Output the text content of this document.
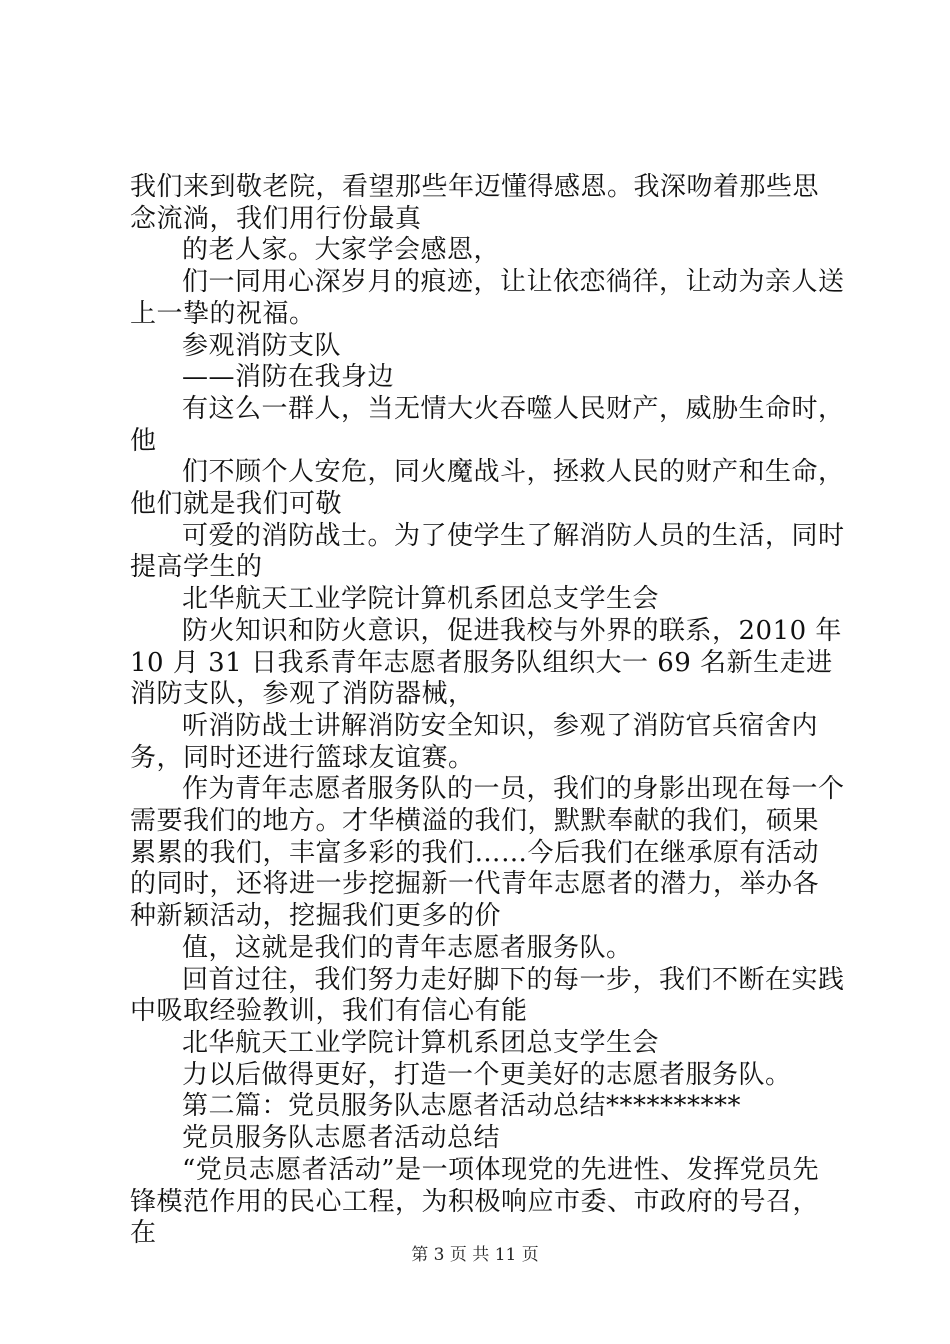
我们来到敬老院，看望那些年迈懂得感恩。我深吻着那些思念流淌，我们用行份最真

的老人家。大家学会感恩，

们一同用心深岁月的痕迹，让让依恋徜徉，让动为亲人送上一挚的祝福。

参观消防支队

——消防在我身边

有这么一群人，当无情大火吞噬人民财产，威胁生命时，他

们不顾个人安危，同火魔战斗，拯救人民的财产和生命，他们就是我们可敬

可爱的消防战士。为了使学生了解消防人员的生活，同时提高学生的

北华航天工业学院计算机系团总支学生会

防火知识和防火意识，促进我校与外界的联系，2010 年 10 月 31 日我系青年志愿者服务队组织大一 69 名新生走进消防支队，参观了消防器械，

听消防战士讲解消防安全知识，参观了消防官兵宿舍内务，同时还进行篮球友谊赛。

作为青年志愿者服务队的一员，我们的身影出现在每一个需要我们的地方。才华横溢的我们，默默奉献的我们，硕果累累的我们，丰富多彩的我们……今后我们在继承原有活动的同时，还将进一步挖掘新一代青年志愿者的潜力，举办各种新颖活动，挖掘我们更多的价

值，这就是我们的青年志愿者服务队。

回首过往，我们努力走好脚下的每一步，我们不断在实践中吸取经验教训，我们有信心有能

北华航天工业学院计算机系团总支学生会

力以后做得更好，打造一个更美好的志愿者服务队。

第二篇：党员服务队志愿者活动总结**********

党员服务队志愿者活动总结

“党员志愿者活动”是一项体现党的先进性、发挥党员先锋模范作用的民心工程，为积极响应市委、市政府的号召，在

第 3 页 共 11 页
